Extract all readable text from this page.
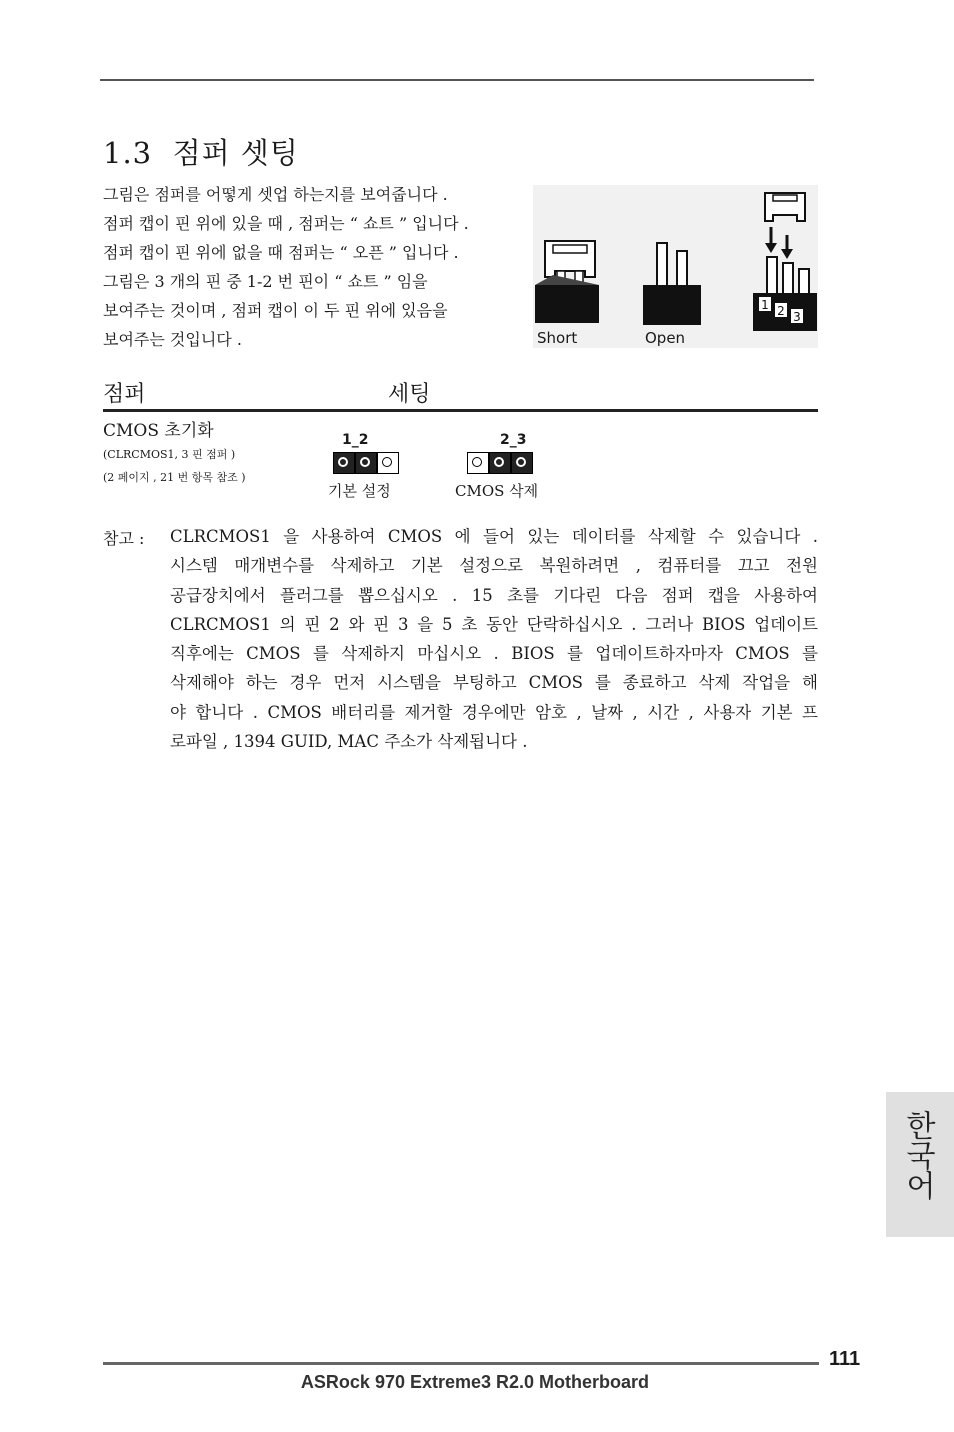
1.3 점퍼 셋팅
그림은 점퍼를 어떻게 셋업 하는지를 보여줍니다 .
점퍼 캡이 핀 위에 있을 때 , 점퍼는 “ 쇼트 ” 입니다 .
점퍼 캡이 핀 위에 없을 때 점퍼는 “ 오픈 ” 입니다 .
그림은 3 개의 핀 중 1-2 번 핀이 “ 쇼트 ” 임을
보여주는 것이며 , 점퍼 캡이 이 두 핀 위에 있음을
보여주는 것입니다 .
1 2 3
Short	Open
점퍼	세팅
CMOS 초기화
(CLRCMOS1, 3 핀 점퍼 )
(2 페이지 , 21 번 항목 참조 )
1_2
기본 설정
2_3
CMOS 삭제
참고 : CLRCMOS1 을 사용하여 CMOS 에 들어 있는 데이터를 삭제할 수 있습니다 .
시스템 매개변수를 삭제하고 기본 설정으로 복원하려면 , 컴퓨터를 끄고 전원
공급장치에서 플러그를 뽑으십시오 . 15 초를 기다린 다음 점퍼 캡을 사용하여
CLRCMOS1 의 핀 2 와 핀 3 을 5 초 동안 단락하십시오 . 그러나 BIOS 업데이트
직후에는 CMOS 를 삭제하지 마십시오 . BIOS 를 업데이트하자마자 CMOS 를
삭제해야 하는 경우 먼저 시스템을 부팅하고 CMOS 를 종료하고 삭제 작업을 해
야 합니다 . CMOS 배터리를 제거할 경우에만 암호 , 날짜 , 시간 , 사용자 기본 프
로파일 , 1394 GUID, MAC 주소가 삭제됩니다 .
한국어
111
ASRock 970 Extreme3 R2.0 Motherboard
